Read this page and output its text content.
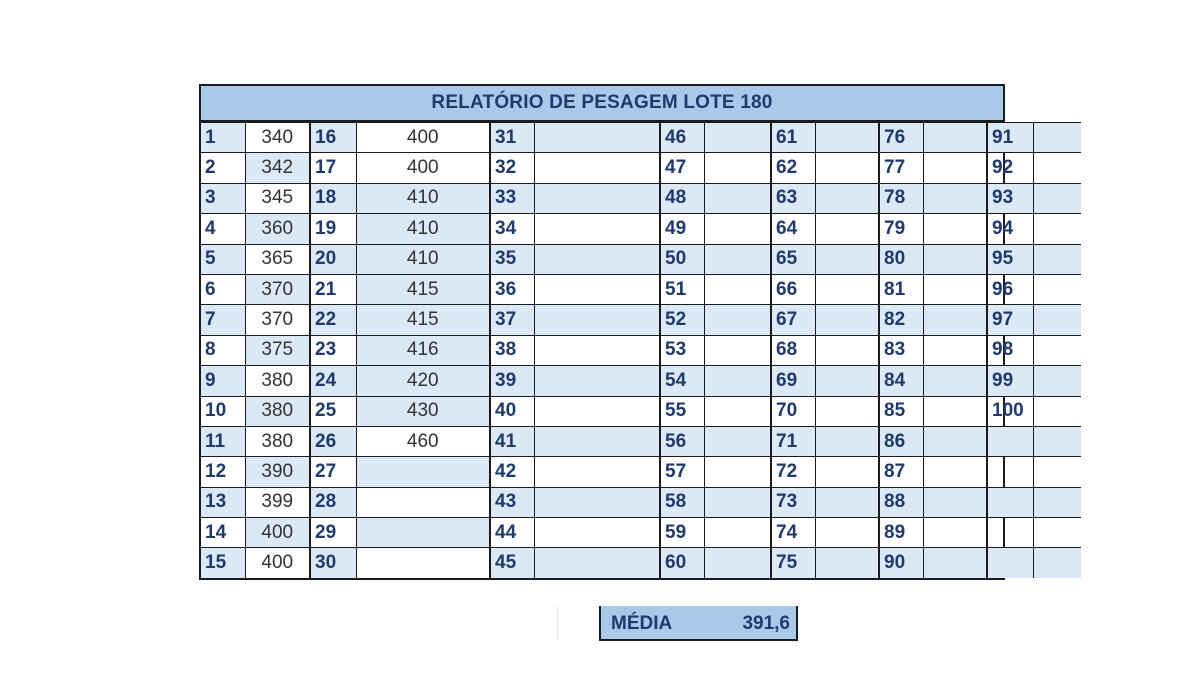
RELATÓRIO DE PESAGEM LOTE 180
1	340	16	400	31		46		61		76		91	
2	342	17	400	32		47		62		77		92	
3	345	18	410	33		48		63		78		93	
4	360	19	410	34		49		64		79		94	
5	365	20	410	35		50		65		80		95	
6	370	21	415	36		51		66		81		96	
7	370	22	415	37		52		67		82		97	
8	375	23	416	38		53		68		83		98	
9	380	24	420	39		54		69		84		99	
10	380	25	430	40		55		70		85		100	
11	380	26	460	41		56		71		86			
12	390	27		42		57		72		87			
13	399	28		43		58		73		88			
14	400	29		44		59		74		89			
15	400	30		45		60		75		90			
MÉDIA	391,6
